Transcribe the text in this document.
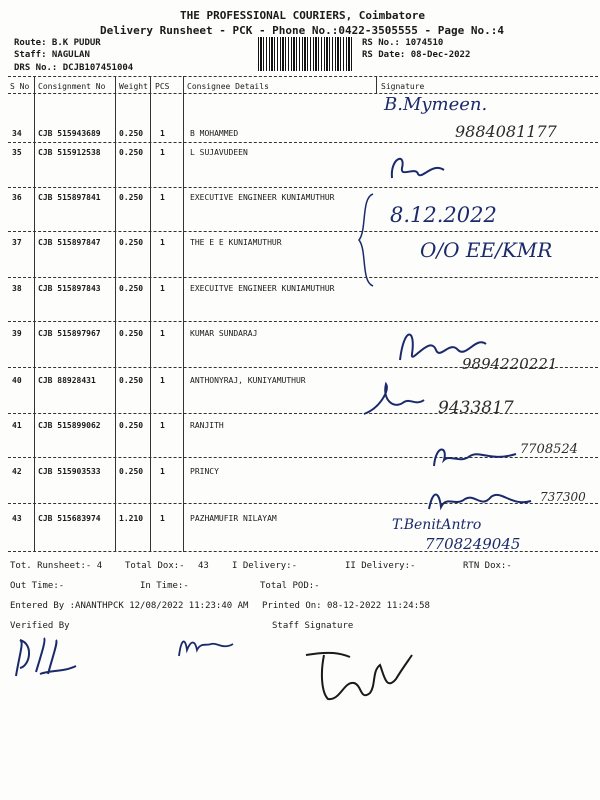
THE PROFESSIONAL COURIERS, Coimbatore
Delivery Runsheet - PCK - Phone No.:0422-3505555 - Page No.:4
Route: B.K PUDUR
Staff: NAGULAN
DRS No.: DCJB107451004
RS No.: 1074510
RS Date: 08-Dec-2022
S No Consignment No Weight PCS Consignee Details	Signature
34 CJB 515943689 0.250 1	B MOHAMMED
35 CJB 515912538 0.250 1	L SUJAVUDEEN
36 CJB 515897841 0.250 1	EXECUTIVE ENGINEER KUNIAMUTHUR
37 CJB 515897847 0.250 1	THE E E KUNIAMUTHUR
38 CJB 515897843 0.250 1	EXECUITVE ENGINEER KUNIAMUTHUR
39 CJB 515897967 0.250 1	KUMAR SUNDARAJ
40 CJB 88928431	0.250 1	ANTHONYRAJ, KUNIYAMUTHUR
41 CJB 515899062 0.250 1	RANJITH
42 CJB 515903533 0.250 1	PRINCY
43 CJB 515683974 1.210 1	PAZHAMUFIR NILAYAM
B.Mymeen.
9884081177
8.12.2022
O/O EE/KMR
9894220221
9433817
7708524
737300
T.BenitAntro
7708249045
Tot. Runsheet:- 4	Total Dox:- 43	I Delivery:-	II Delivery:-	RTN Dox:-
Out Time:-	In Time:-	Total POD:-
Entered By :ANANTHPCK 12/08/2022 11:23:40 AM Printed On: 08-12-2022 11:24:58
Verified By	Staff Signature
